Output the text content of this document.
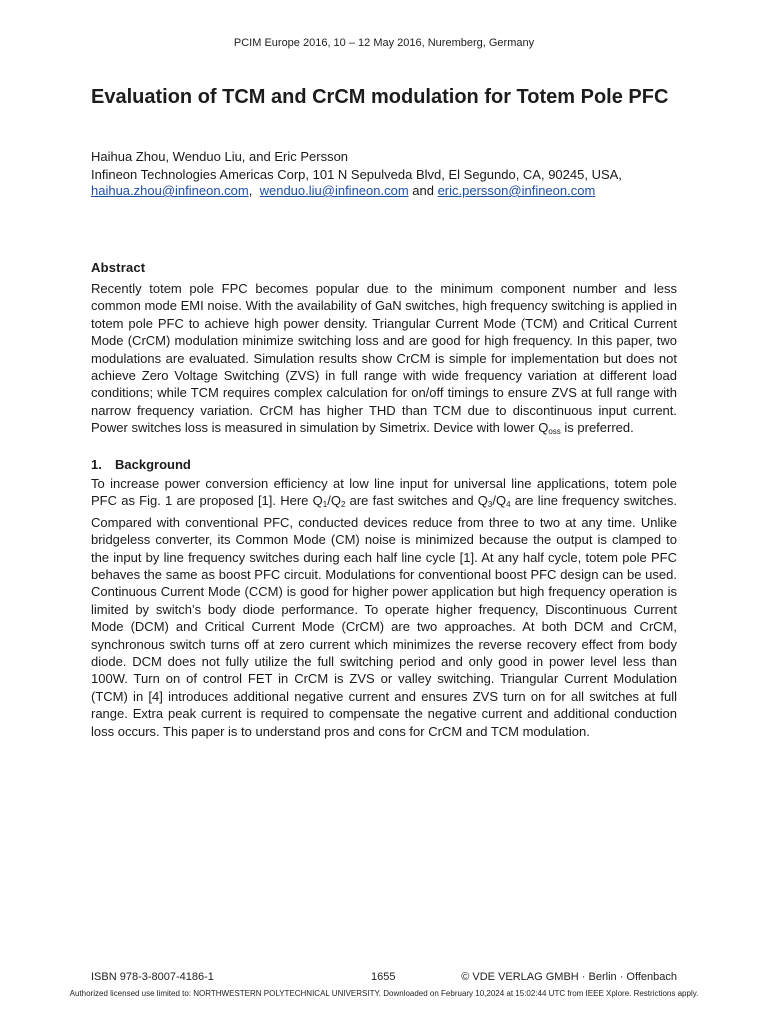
PCIM Europe 2016, 10 – 12 May 2016, Nuremberg, Germany
Evaluation of TCM and CrCM modulation for Totem Pole PFC
Haihua Zhou, Wenduo Liu, and Eric Persson
Infineon Technologies Americas Corp, 101 N Sepulveda Blvd, El Segundo, CA, 90245, USA,
haihua.zhou@infineon.com,  wenduo.liu@infineon.com and eric.persson@infineon.com
Abstract

Recently totem pole FPC becomes popular due to the minimum component number and less common mode EMI noise. With the availability of GaN switches, high frequency switching is applied in totem pole PFC to achieve high power density. Triangular Current Mode (TCM) and Critical Current Mode (CrCM) modulation minimize switching loss and are good for high frequency. In this paper, two modulations are evaluated. Simulation results show CrCM is simple for implementation but does not achieve Zero Voltage Switching (ZVS) in full range with wide frequency variation at different load conditions; while TCM requires complex calculation for on/off timings to ensure ZVS at full range with narrow frequency variation. CrCM has higher THD than TCM due to discontinuous input current. Power switches loss is measured in simulation by Simetrix. Device with lower Qoss is preferred.

1. Background

To increase power conversion efficiency at low line input for universal line applications, totem pole PFC as Fig. 1 are proposed [1]. Here Q1/Q2 are fast switches and Q3/Q4 are line frequency switches. Compared with conventional PFC, conducted devices reduce from three to two at any time. Unlike bridgeless converter, its Common Mode (CM) noise is minimized because the output is clamped to the input by line frequency switches during each half line cycle [1]. At any half cycle, totem pole PFC behaves the same as boost PFC circuit. Modulations for conventional boost PFC design can be used. Continuous Current Mode (CCM) is good for higher power application but high frequency operation is limited by switch’s body diode performance. To operate higher frequency, Discontinuous Current Mode (DCM) and Critical Current Mode (CrCM) are two approaches. At both DCM and CrCM, synchronous switch turns off at zero current which minimizes the reverse recovery effect from body diode. DCM does not fully utilize the full switching period and only good in power level less than 100W. Turn on of control FET in CrCM is ZVS or valley switching. Triangular Current Modulation (TCM) in [4] introduces additional negative current and ensures ZVS turn on for all switches at full range. Extra peak current is required to compensate the negative current and additional conduction loss occurs. This paper is to understand pros and cons for CrCM and TCM modulation.

ISBN 978-3-8007-4186-1	1655	© VDE VERLAG GMBH · Berlin · Offenbach
Authorized licensed use limited to: NORTHWESTERN POLYTECHNICAL UNIVERSITY. Downloaded on February 10,2024 at 15:02:44 UTC from IEEE Xplore. Restrictions apply.
